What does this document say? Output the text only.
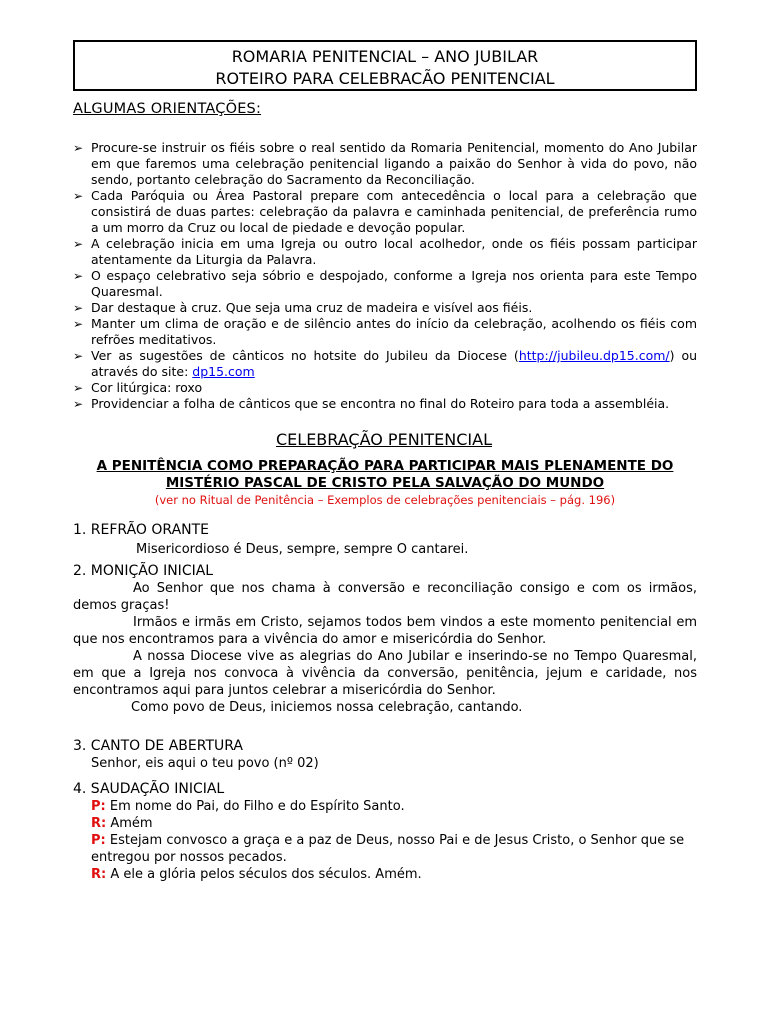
ROMARIA PENITENCIAL – ANO JUBILAR
ROTEIRO PARA CELEBRACÃO PENITENCIAL
ALGUMAS ORIENTAÇÕES:
➢ Procure-se instruir os fiéis sobre o real sentido da Romaria Penitencial, momento do Ano Jubilar em que faremos uma celebração penitencial ligando a paixão do Senhor à vida do povo, não sendo, portanto celebração do Sacramento da Reconciliação.
➢ Cada Paróquia ou Área Pastoral prepare com antecedência o local para a celebração que consistirá de duas partes: celebração da palavra e caminhada penitencial, de preferência rumo a um morro da Cruz ou local de piedade e devoção popular.
➢ A celebração inicia em uma Igreja ou outro local acolhedor, onde os fiéis possam participar atentamente da Liturgia da Palavra.
➢ O espaço celebrativo seja sóbrio e despojado, conforme a Igreja nos orienta para este Tempo Quaresmal.
➢ Dar destaque à cruz. Que seja uma cruz de madeira e visível aos fiéis.
➢ Manter um clima de oração e de silêncio antes do início da celebração, acolhendo os fiéis com refrões meditativos.
➢ Ver as sugestões de cânticos no hotsite do Jubileu da Diocese (http://jubileu.dp15.com/) ou através do site: dp15.com
➢ Cor litúrgica: roxo
➢ Providenciar a folha de cânticos que se encontra no final do Roteiro para toda a assembléia.
CELEBRAÇÃO PENITENCIAL
A PENITÊNCIA COMO PREPARAÇÃO PARA PARTICIPAR MAIS PLENAMENTE DO
MISTÉRIO PASCAL DE CRISTO PELA SALVAÇÃO DO MUNDO
(ver no Ritual de Penitência – Exemplos de celebrações penitenciais – pág. 196)
1. REFRÃO ORANTE
Misericordioso é Deus, sempre, sempre O cantarei.
2. MONIÇÃO INICIAL
Ao Senhor que nos chama à conversão e reconciliação consigo e com os irmãos, demos graças!
Irmãos e irmãs em Cristo, sejamos todos bem vindos a este momento penitencial em que nos encontramos para a vivência do amor e misericórdia do Senhor.
A nossa Diocese vive as alegrias do Ano Jubilar e inserindo-se no Tempo Quaresmal, em que a Igreja nos convoca à vivência da conversão, penitência, jejum e caridade, nos encontramos aqui para juntos celebrar a misericórdia do Senhor.
Como povo de Deus, iniciemos nossa celebração, cantando.
3. CANTO DE ABERTURA
Senhor, eis aqui o teu povo (nº 02)
4. SAUDAÇÃO INICIAL
P: Em nome do Pai, do Filho e do Espírito Santo.
R: Amém
P: Estejam convosco a graça e a paz de Deus, nosso Pai e de Jesus Cristo, o Senhor que se entregou por nossos pecados.
R: A ele a glória pelos séculos dos séculos. Amém.
